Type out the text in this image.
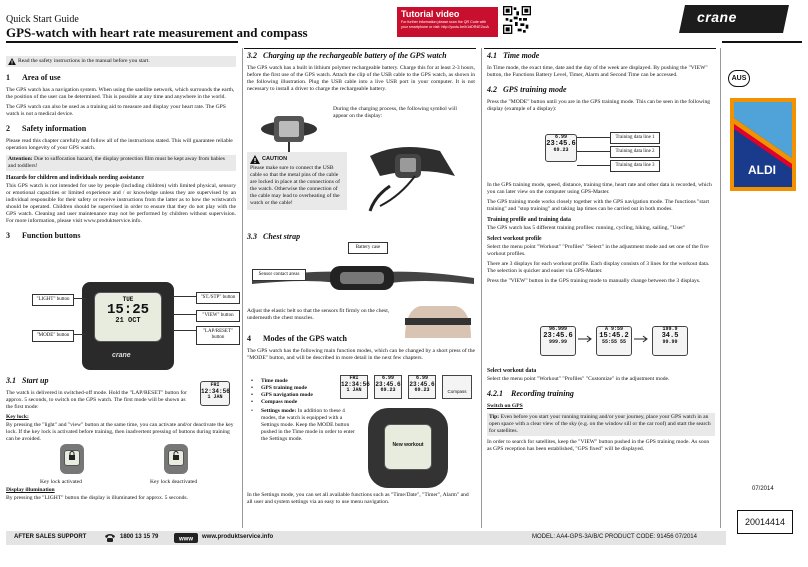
Quick Start Guide
GPS-watch with heart rate measurement and compass
Tutorial video
For further information please scan the QR Code with your smartphone or visit: http://youtu.be/h1dDR4E2coA
crane
Read the safety instructions in the manual before you start.
1 Area of use

The GPS watch has a navigation system. When using the satellite network, which surrounds the earth, the position of the user can be determined. This is possible at any time and anywhere in the world.

The GPS watch can also be used as a training aid to measure and display your heart rate. The GPS watch is not a medical device.

2 Safety information

Please read this chapter carefully and follow all of the instructions stated. This will guarantee reliable operation longevity of your GPS watch.

Attention: Due to suffocation hazard, the display protection film must be kept away from babies and toddlers!
Hazards for children and individuals needing assistance

This GPS watch is not intended for use by people (including children) with limited physical, sensory or emotional capacities or limited experience and / or knowledge unless they are supervised by an individual responsible for their safety or receive instructions from the latter as to how the wristwatch should be operated. Children should be supervised in order to ensure that they do not play with the GPS watch. Cleaning and user maintenance may not be performed by children without supervision. For more information, please visit www.produktservice.info.

3 Function buttons
TUE
15:25
21 OCT
crane
"LIGHT" button
"MODE" button
"ST./STP" button
"VIEW" button
"LAP/RESET" button
3.1 Start up

The watch is delivered in switched-off mode. Hold the "LAP/RESET" button for approx. 5 seconds, to switch on the GPS watch. The first mode will be shown as the first mode:

Key lock:

By pressing the "light" and "view" button at the same time, you can activate and/or deactivate the key lock. If the key lock is activated before training, then inadvertent pressing of buttons during training can be avoided.

FRI
12:34:56
1 JAN
Key lock activated	Key lock deactivated

Display illumination

By pressing the "LIGHT" button the display is illuminated for approx. 5 seconds.

3.2 Charging up the rechargeable battery of the GPS watch

The GPS watch has a built in lithium polymer rechargeable battery. Charge this for at least 2-3 hours, before the first use of the GPS watch. Attach the clip of the USB cable to the GPS watch, as shown in the following illustration. Plug the USB cable into a live USB port in your computer. It is not necessary to install a driver to charge the rechargeable battery.

During the charging process, the following symbol will appear on the display:
CAUTION
Please make sure to connect the USB cable so that the metal pins of the cable are locked in place at the connections of the watch. Otherwise the connection of the cable may lead to overheating of the watch or the cable!
3.3 Chest strap
Battery case
Sensor contact areas
Adjust the elastic belt so that the sensors fit firmly on the chest, underneath the chest muscles.
4 Modes of the GPS watch

The GPS watch has the following main function modes, which can be changed by a short press of the "MODE" button, and will be described in more detail in the next few chapters.

• Time mode
• GPS training mode
• GPS navigation mode
• Compass mode
FRI
12:34:56
1 JAN
6.99
23:45.6
69.23
6.99
23:45.6
69.23	Compass
• Settings mode: In addition to these 4 modes, the watch is equipped with a Settings mode. Keep the MODE button pushed in the Time mode in order to enter the Settings mode.
New workout
In the Settings mode, you can set all available functions such as "Time/Date", "Timer", Alarm" and all user and system settings via an easy to use menu navigation.
4.1 Time mode

In Time mode, the exact time, date and the day of the week are displayed. By pushing the "VIEW" button, the Functions Battery Level, Timer, Alarm and Second Time can be accessed.

4.2 GPS training mode

Press the "MODE" button until you are in the GPS training mode. This can be seen in the following display (example of a display):

6.99
23:45.6
69.23
Training data line 1
Training data line 2
Training data line 3

In the GPS training mode, speed, distance, training time, heart rate and other data is recorded, which you can later view on the computer using GPS-Master.

The GPS training mode works closely together with the GPS navigation mode. The functions "start training" and "stop training" and taking lap times can be carried out in both modes.

Training profile and training data

The GPS watch has 5 different training profiles: running, cycling, hiking, sailing, "User"

Select workout profile

Select the menu point "Workout" "Profiles" "Select" in the adjustment mode and set one of the five workout profiles.

There are 3 displays for each workout profile. Each display consists of 3 lines for the workout data. The selection is quicker and easier via GPS-Master.

Press the "VIEW" button in the GPS training mode to manually change between the 3 displays.

96.999
23:45.6
999.99
A 9:59
15:45.2
55:55 55
199.9
34.5
99.99
Select workout data

Select the menu point "Workout" "Profiles" "Customize" in the adjustment mode.

4.2.1 Recording training

Switch on GPS

Tip: Even before you start your running training and/or your journey, place your GPS watch in an open space with a clear view of the sky (e.g. on the window sill or the car roof) and start the search for satellites.

In order to search for satellites, keep the "VIEW" button pushed in the GPS training mode. As soon as GPS reception has been established, "GPS fixed" will be displayed.

AUS
ALDI
07/2014
20014414
AFTER SALES SUPPORT	1800 13 15 79	www www.produktservice.info	MODEL: AA4-GPS-3A/B/C PRODUCT CODE: 91456 07/2014
